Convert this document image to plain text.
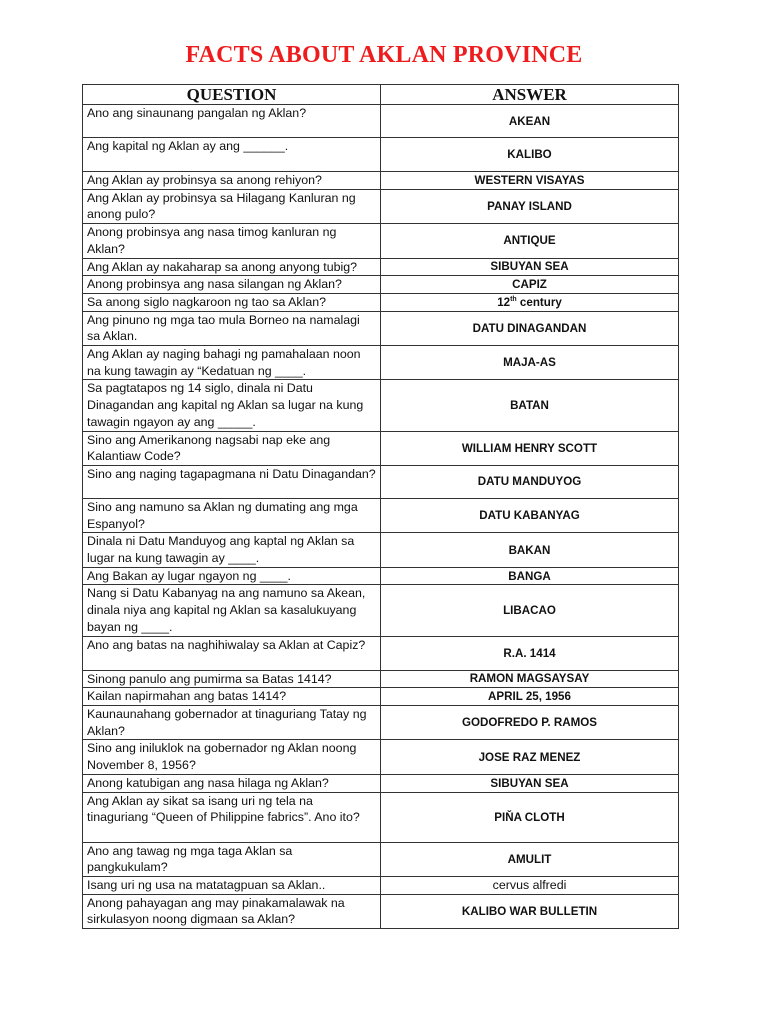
FACTS ABOUT AKLAN PROVINCE
QUESTION	ANSWER
Ano ang sinaunang pangalan ng Aklan?	AKEAN
Ang kapital ng Aklan ay ang ______.	KALIBO
Ang Aklan ay probinsya sa anong rehiyon?	WESTERN VISAYAS
Ang Aklan ay probinsya sa Hilagang Kanluran ng anong pulo?	PANAY ISLAND
Anong probinsya ang nasa timog kanluran ng Aklan?	ANTIQUE
Ang Aklan ay nakaharap sa anong anyong tubig?	SIBUYAN SEA
Anong probinsya ang nasa silangan ng Aklan?	CAPIZ
Sa anong siglo nagkaroon ng tao sa Aklan?	12th century
Ang pinuno ng mga tao mula Borneo na namalagi sa Aklan.	DATU DINAGANDAN
Ang Aklan ay naging bahagi ng pamahalaan noon na kung tawagin ay “Kedatuan ng ____.	MAJA-AS
Sa pagtatapos ng 14 siglo, dinala ni Datu Dinagandan ang kapital ng Aklan sa lugar na kung tawagin ngayon ay ang _____.	BATAN
Sino ang Amerikanong nagsabi nap eke ang Kalantiaw Code?	WILLIAM HENRY SCOTT
Sino ang naging tagapagmana ni Datu Dinagandan?	DATU MANDUYOG
Sino ang namuno sa Aklan ng dumating ang mga Espanyol?	DATU KABANYAG
Dinala ni Datu Manduyog ang kaptal ng Aklan sa lugar na kung tawagin ay ____.	BAKAN
Ang Bakan ay lugar ngayon ng ____.	BANGA
Nang si Datu Kabanyag na ang namuno sa Akean, dinala niya ang kapital ng Aklan sa kasalukuyang bayan ng ____.	LIBACAO
Ano ang batas na naghihiwalay sa Aklan at Capiz?	R.A. 1414
Sinong panulo ang pumirma sa Batas 1414?	RAMON MAGSAYSAY
Kailan napirmahan ang batas 1414?	APRIL 25, 1956
Kaunaunahang gobernador at tinaguriang Tatay ng Aklan?	GODOFREDO P. RAMOS
Sino ang iniluklok na gobernador ng Aklan noong November 8, 1956?	JOSE RAZ MENEZ
Anong katubigan ang nasa hilaga ng Aklan?	SIBUYAN SEA
Ang Aklan ay sikat sa isang uri ng tela na tinaguriang “Queen of Philippine fabrics”. Ano ito?	PIŇA CLOTH
Ano ang tawag ng mga taga Aklan sa pangkukulam?	AMULIT
Isang uri ng usa na matatagpuan sa Aklan..	cervus alfredi
Anong pahayagan ang may pinakamalawak na sirkulasyon noong digmaan sa Aklan?	KALIBO WAR BULLETIN
